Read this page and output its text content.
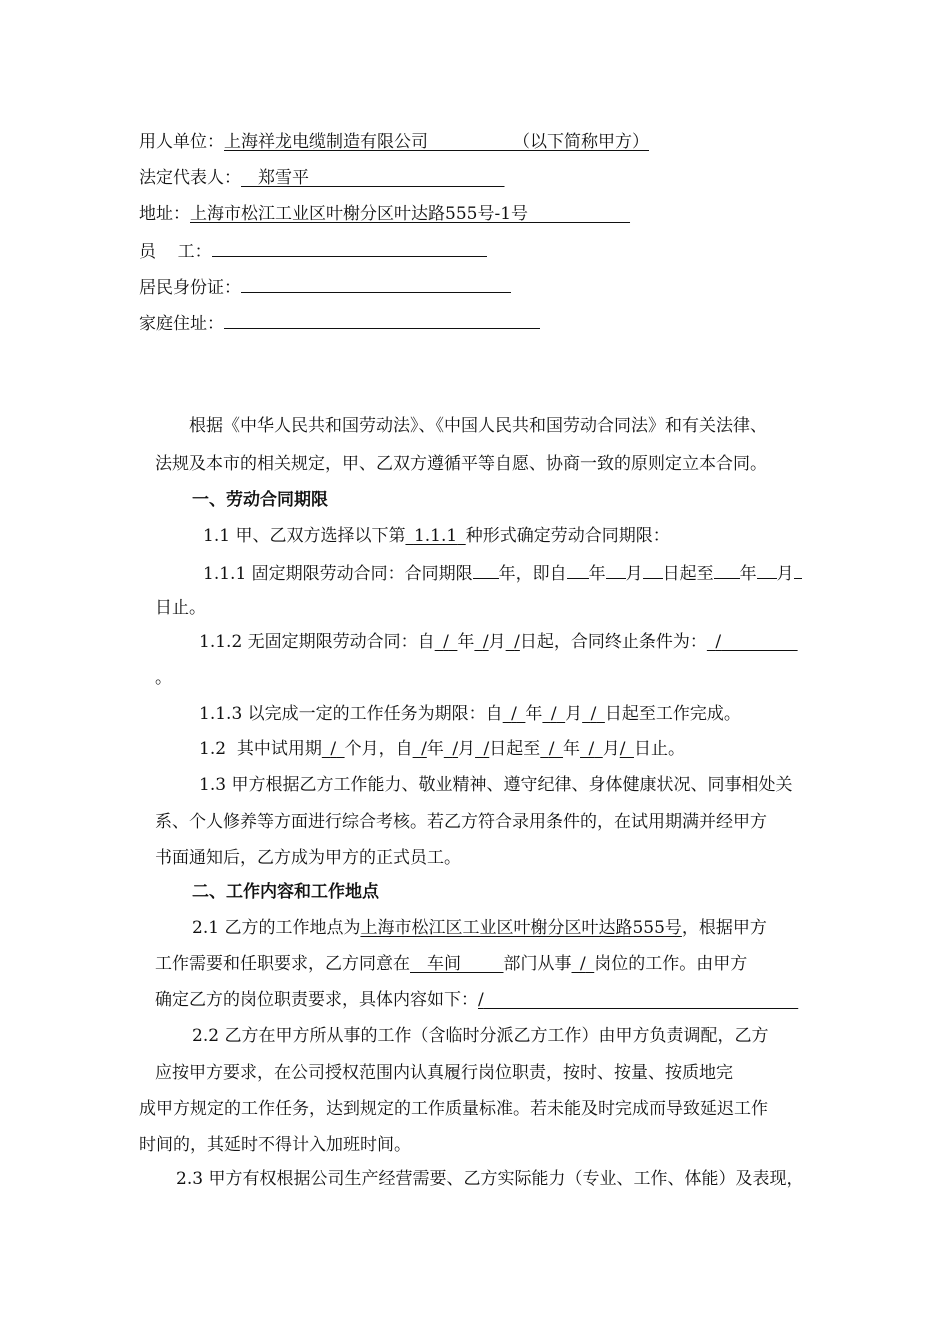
用人单位：上海祥龙电缆制造有限公司     	（以下简称甲方）
法定代表人：   郑雪平            
地址：上海市松江工业区叶榭分区叶达路555号-1号      
员    工：
居民身份证：
家庭住址：
根据《中华人民共和国劳动法》、《中国人民共和国劳动合同法》和有关法律、
法规及本市的相关规定，甲、乙双方遵循平等自愿、协商一致的原则定立本合同。
一、劳动合同期限
1.1 甲、乙双方选择以下第  1.1.1  种形式确定劳动合同期限：
1.1.1 固定期限劳动合同：合同期限 年，即自 年 月 日起至 年 月
日止。
1.1.2 无固定期限劳动合同：自  /  年  /月  /日起，合同终止条件为：  /     
。
1.1.3 以完成一定的工作任务为期限：自  /  年  /  月  /  日起至工作完成。
1.2  其中试用期  /  个月，自  /年  /月  /日起至  /  年  /  月/  日止。
1.3 甲方根据乙方工作能力、敬业精神、遵守纪律、身体健康状况、同事相处关
系、个人修养等方面进行综合考核。若乙方符合录用条件的，在试用期满并经甲方
书面通知后，乙方成为甲方的正式员工。
二、工作内容和工作地点
2.1 乙方的工作地点为上海市松江区工业区叶榭分区叶达路555号，根据甲方
工作需要和任职要求，乙方同意在   车间   	部门从事  /  岗位的工作。由甲方
确定乙方的岗位职责要求，具体内容如下：/                   
2.2 乙方在甲方所从事的工作（含临时分派乙方工作）由甲方负责调配，乙方
应按甲方要求，在公司授权范围内认真履行岗位职责，按时、按量、按质地完
成甲方规定的工作任务，达到规定的工作质量标准。若未能及时完成而导致延迟工作
时间的，其延时不得计入加班时间。
2.3 甲方有权根据公司生产经营需要、乙方实际能力（专业、工作、体能）及表现，
